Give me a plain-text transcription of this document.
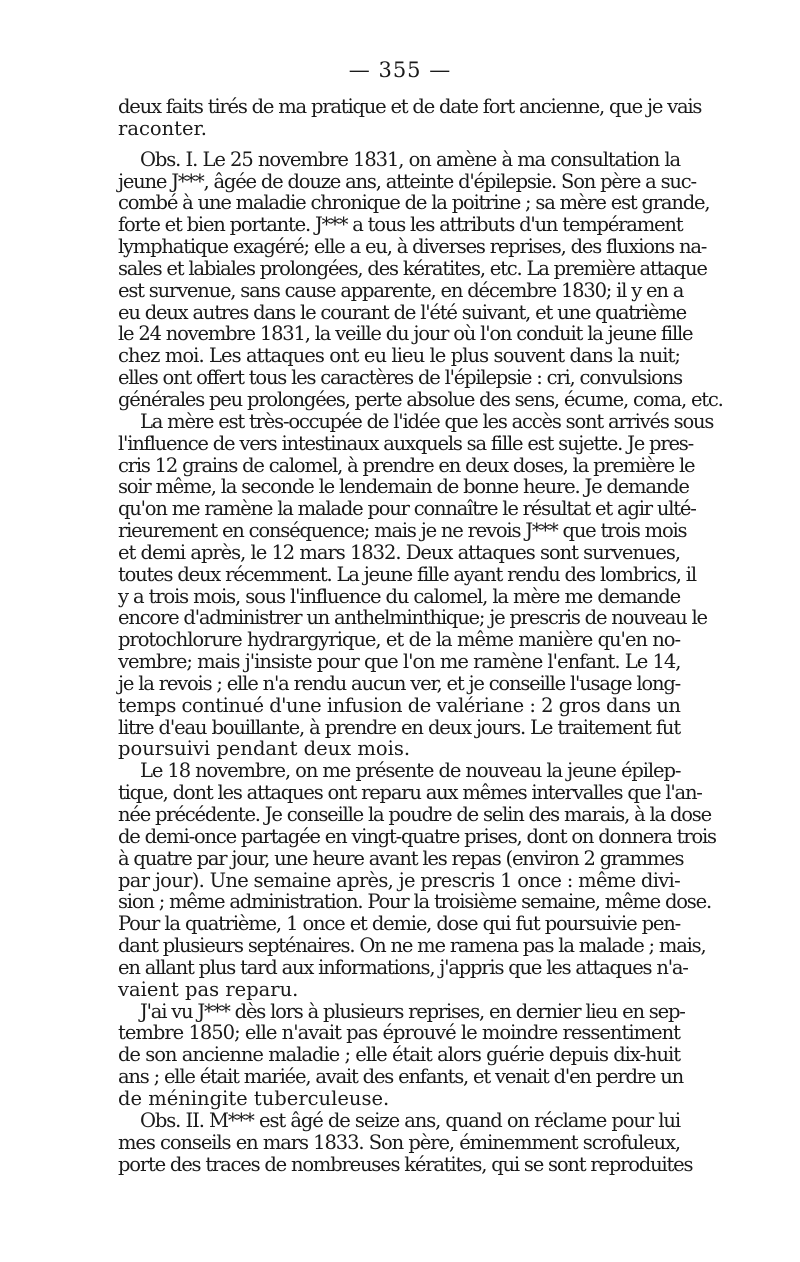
— 355 —
deux faits tirés de ma pratique et de date fort ancienne, que je vais
raconter.
Obs. I. Le 25 novembre 1831, on amène à ma consultation la
jeune J***, âgée de douze ans, atteinte d'épilepsie. Son père a suc-
combé à une maladie chronique de la poitrine ; sa mère est grande,
forte et bien portante. J*** a tous les attributs d'un tempérament
lymphatique exagéré; elle a eu, à diverses reprises, des fluxions na-
sales et labiales prolongées, des kératites, etc. La première attaque
est survenue, sans cause apparente, en décembre 1830; il y en a
eu deux autres dans le courant de l'été suivant, et une quatrième
le 24 novembre 1831, la veille du jour où l'on conduit la jeune fille
chez moi. Les attaques ont eu lieu le plus souvent dans la nuit;
elles ont offert tous les caractères de l'épilepsie : cri, convulsions
générales peu prolongées, perte absolue des sens, écume, coma, etc.
La mère est très-occupée de l'idée que les accès sont arrivés sous
l'influence de vers intestinaux auxquels sa fille est sujette. Je pres-
cris 12 grains de calomel, à prendre en deux doses, la première le
soir même, la seconde le lendemain de bonne heure. Je demande
qu'on me ramène la malade pour connaître le résultat et agir ulté-
rieurement en conséquence; mais je ne revois J*** que trois mois
et demi après, le 12 mars 1832. Deux attaques sont survenues,
toutes deux récemment. La jeune fille ayant rendu des lombrics, il
y a trois mois, sous l'influence du calomel, la mère me demande
encore d'administrer un anthelminthique; je prescris de nouveau le
protochlorure hydrargyrique, et de la même manière qu'en no-
vembre; mais j'insiste pour que l'on me ramène l'enfant. Le 14,
je la revois ; elle n'a rendu aucun ver, et je conseille l'usage long-
temps continué d'une infusion de valériane : 2 gros dans un
litre d'eau bouillante, à prendre en deux jours. Le traitement fut
poursuivi pendant deux mois.
Le 18 novembre, on me présente de nouveau la jeune épilep-
tique, dont les attaques ont reparu aux mêmes intervalles que l'an-
née précédente. Je conseille la poudre de selin des marais, à la dose
de demi-once partagée en vingt-quatre prises, dont on donnera trois
à quatre par jour, une heure avant les repas (environ 2 grammes
par jour). Une semaine après, je prescris 1 once : même divi-
sion ; même administration. Pour la troisième semaine, même dose.
Pour la quatrième, 1 once et demie, dose qui fut poursuivie pen-
dant plusieurs septénaires. On ne me ramena pas la malade ; mais,
en allant plus tard aux informations, j'appris que les attaques n'a-
vaient pas reparu.
J'ai vu J*** dès lors à plusieurs reprises, en dernier lieu en sep-
tembre 1850; elle n'avait pas éprouvé le moindre ressentiment
de son ancienne maladie ; elle était alors guérie depuis dix-huit
ans ; elle était mariée, avait des enfants, et venait d'en perdre un
de méningite tuberculeuse.
Obs. II. M*** est âgé de seize ans, quand on réclame pour lui
mes conseils en mars 1833. Son père, éminemment scrofuleux,
porte des traces de nombreuses kératites, qui se sont reproduites
